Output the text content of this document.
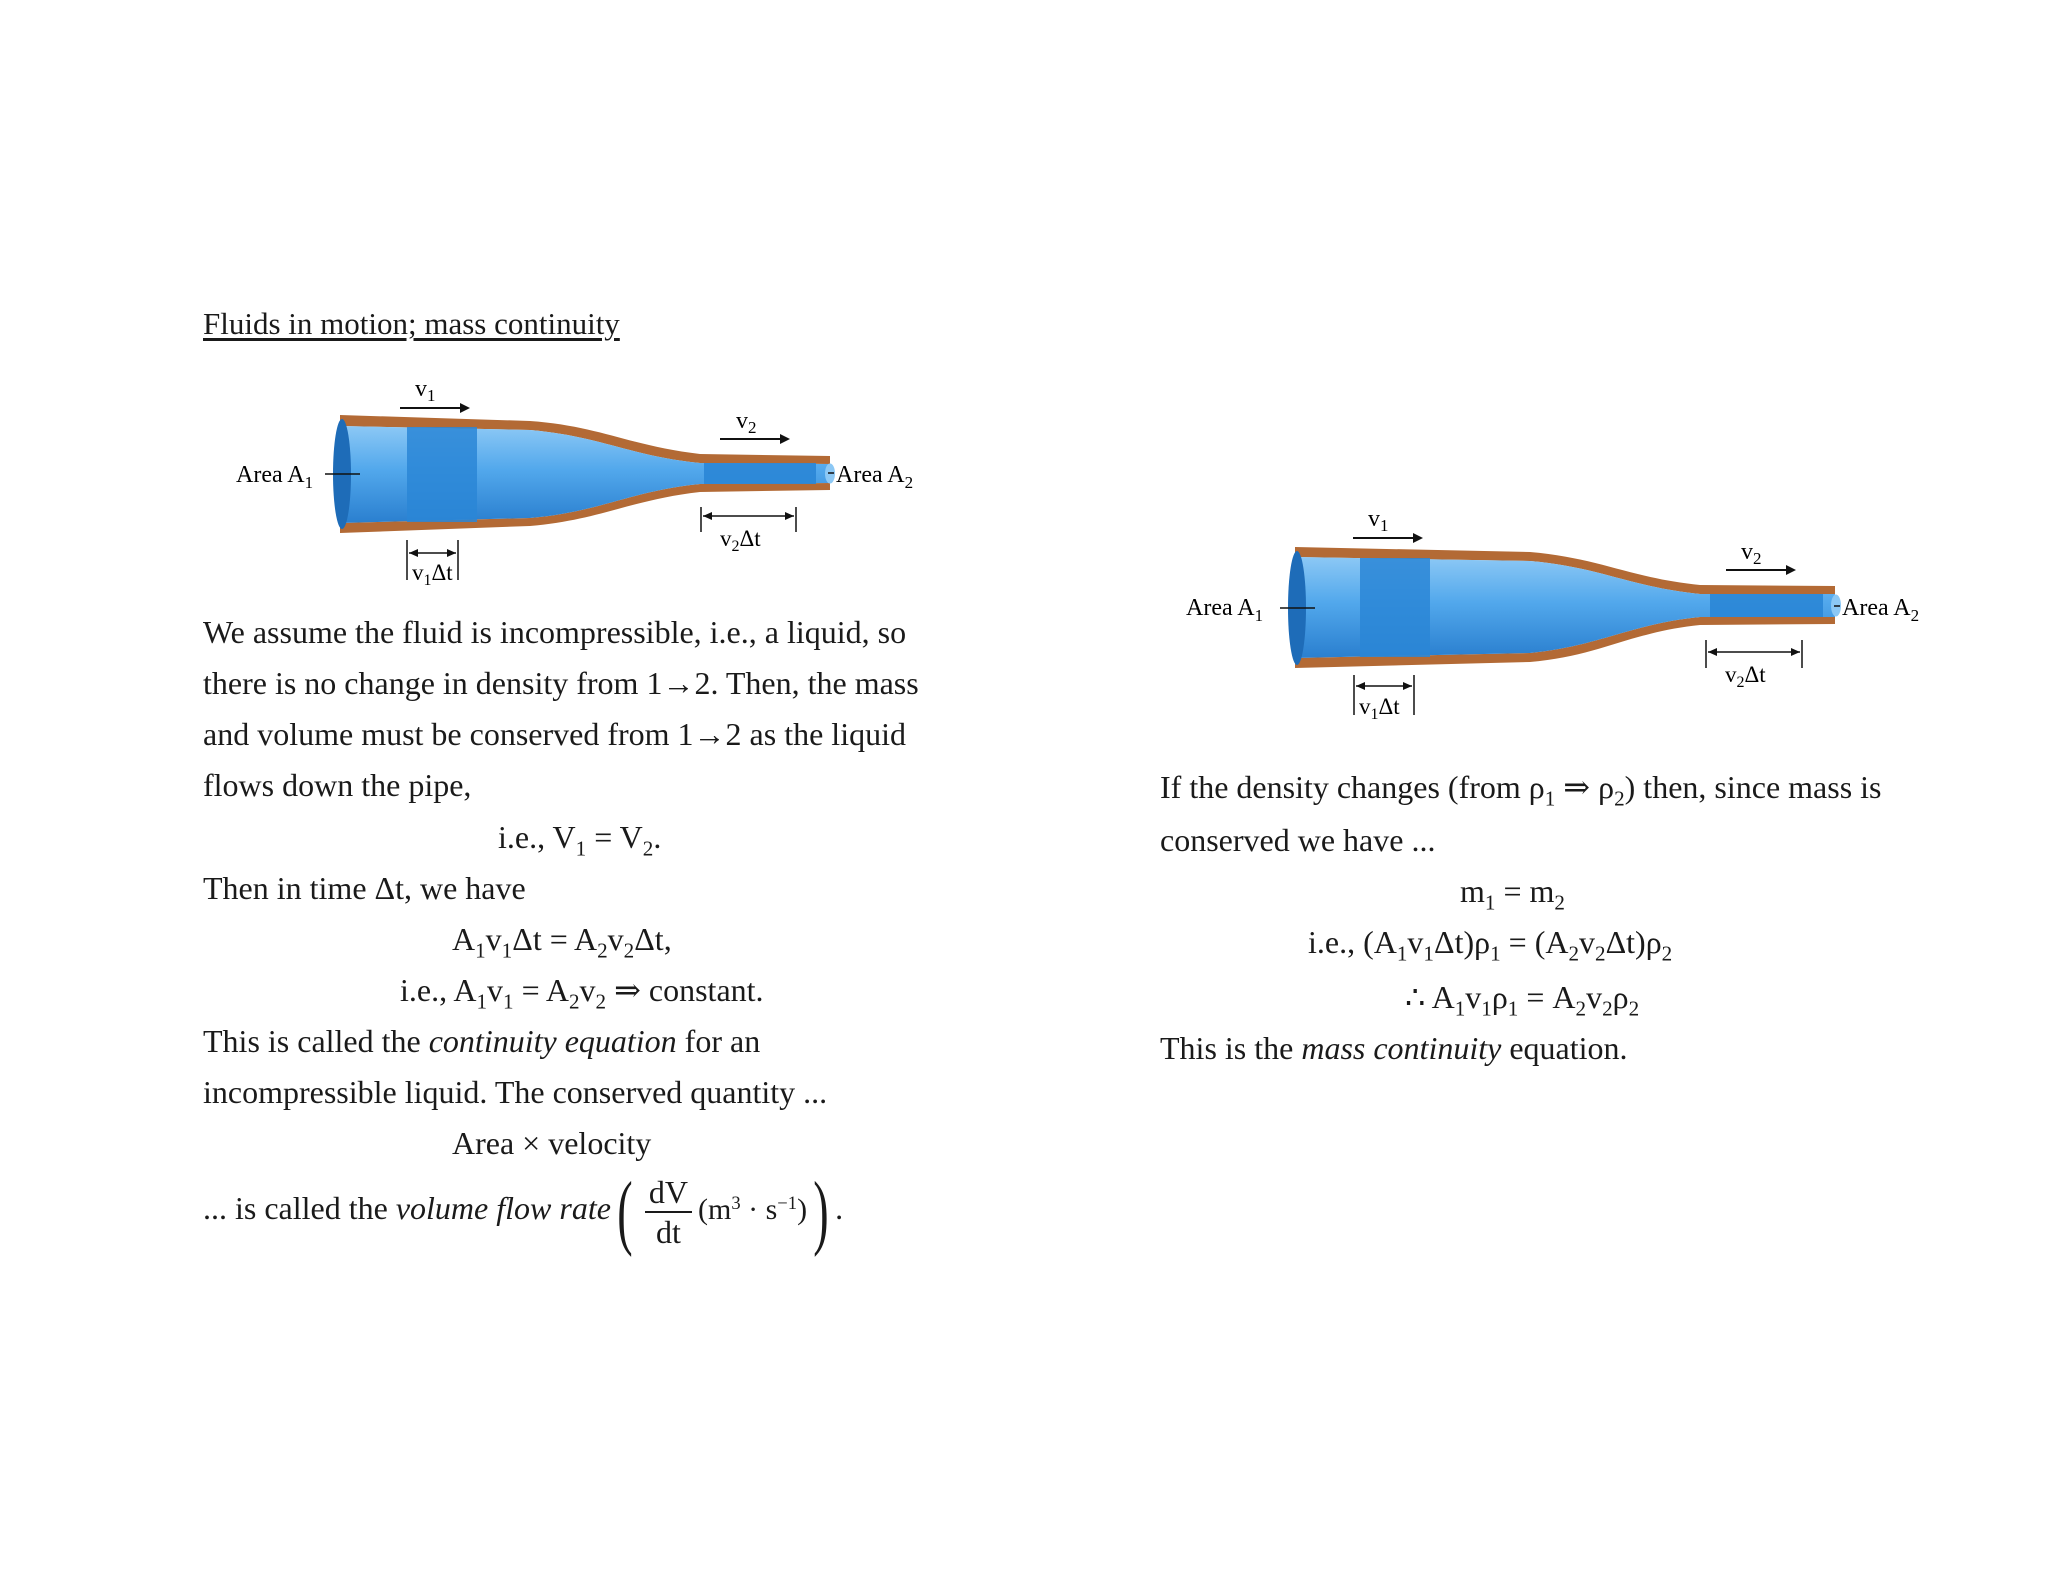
Fluids in motion; mass continuity
$v_1$
$v_2$
Area $A_1$	Area $A_2$
$v_1\Delta t$
$v_2\Delta t$
We assume the fluid is incompressible, i.e., a liquid, so
there is no change in density from 1→2. Then, the mass
and volume must be conserved from 1→2 as the liquid
flows down the pipe,
i.e., $V_1 = V_2$.
Then in time Δt, we have
$A_1v_1\Delta t = A_2v_2\Delta t$,
i.e., $A_1v_1 = A_2v_2$ ⇒ constant.
This is called the continuity equation for an
incompressible liquid. The conserved quantity ...
Area × velocity
... is called the volume flow rate( $\frac{dV}{dt} (m^3 \cdot s^{-1})$) .
$v_1$
$v_2$
Area $A_1$	Area $A_2$
$v_1\Delta t$
$v_2\Delta t$
If the density changes (from $\rho_1$ ⇒ $\rho_2$) then, since mass is
conserved we have ...
$m_1 = m_2$
i.e., $(A_1v_1\Delta t)\rho_1 = (A_2v_2\Delta t)\rho_2$
∴ $A_1v_1\rho_1 = A_2v_2\rho_2$
This is the mass continuity equation.
